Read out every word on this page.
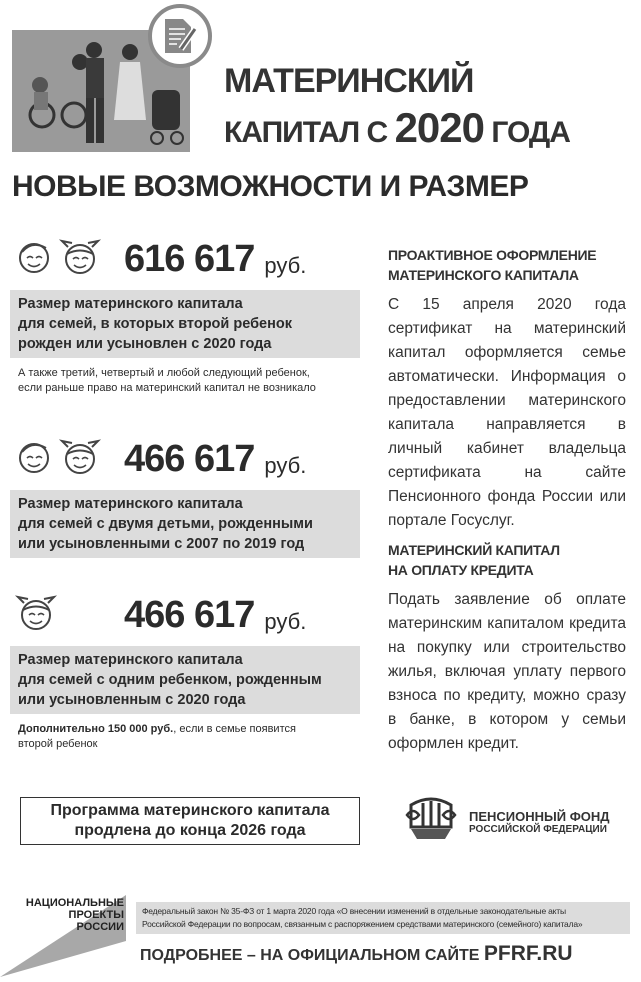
МАТЕРИНСКИЙ
КАПИТАЛ С 2020 ГОДА
НОВЫЕ ВОЗМОЖНОСТИ И РАЗМЕР
616 617 руб.
Размер материнского капитала
для семей, в которых второй ребенок
рожден или усыновлен с 2020 года
А также третий, четвертый и любой следующий ребенок,
если раньше право на материнский капитал не возникало
466 617 руб.
Размер материнского капитала
для семей с двумя детьми, рожденными
или усыновленными с 2007 по 2019 год
466 617 руб.
Размер материнского капитала
для семей с одним ребенком, рожденным
или усыновленным с 2020 года
Дополнительно 150 000 руб., если в семье появится
второй ребенок
ПРОАКТИВНОЕ ОФОРМЛЕНИЕ
МАТЕРИНСКОГО КАПИТАЛА
С 15 апреля 2020 года сертификат на материнский капитал оформляется семье автоматически. Информация о предоставлении материнского капитала направляется в личный кабинет владельца сертификата на сайте Пенсионного фонда России или портале Госуслуг.
МАТЕРИНСКИЙ КАПИТАЛ
НА ОПЛАТУ КРЕДИТА
Подать заявление об оплате материнским капиталом кредита на покупку или строительство жилья, включая уплату первого взноса по кредиту, можно сразу в банке, в котором у семьи оформлен кредит.
Программа материнского капитала
продлена до конца 2026 года
ПЕНСИОННЫЙ ФОНД
РОССИЙСКОЙ ФЕДЕРАЦИИ
НАЦИОНАЛЬНЫЕ
ПРОЕКТЫ
РОССИИ
Федеральный закон № 35-ФЗ от 1 марта 2020 года «О внесении изменений в отдельные законодательные акты
Российской Федерации по вопросам, связанным с распоряжением средствами материнского (семейного) капитала»
ПОДРОБНЕЕ – НА ОФИЦИАЛЬНОМ САЙТЕ PFRF.RU
